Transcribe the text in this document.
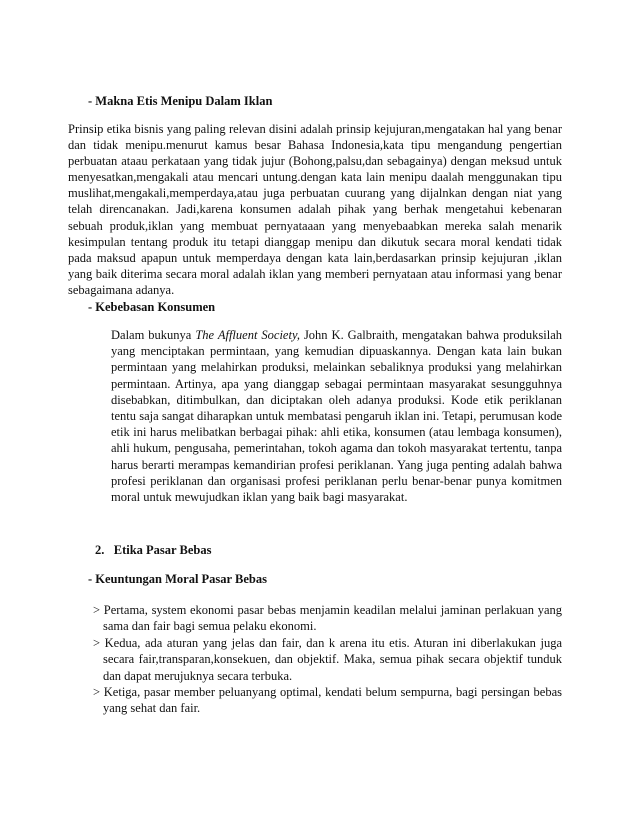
- Makna Etis Menipu Dalam Iklan
Prinsip etika bisnis yang paling relevan disini adalah prinsip kejujuran,mengatakan hal yang benar dan tidak menipu.menurut kamus besar Bahasa Indonesia,kata tipu mengandung pengertian perbuatan ataau perkataan yang tidak jujur (Bohong,palsu,dan sebagainya) dengan meksud untuk menyesatkan,mengakali atau mencari untung.dengan kata lain menipu daalah menggunakan tipu muslihat,mengakali,memperdaya,atau juga perbuatan cuurang yang dijalnkan dengan niat yang telah direncanakan. Jadi,karena konsumen adalah pihak yang berhak mengetahui kebenaran sebuah produk,iklan yang membuat pernyataaan yang menyebaabkan mereka salah menarik kesimpulan tentang produk itu tetapi dianggap menipu dan dikutuk secara moral kendati tidak pada maksud apapun untuk memperdaya dengan kata lain,berdasarkan prinsip kejujuran ,iklan yang baik diterima secara moral adalah iklan yang memberi pernyataan atau informasi yang benar sebagaimana adanya.
- Kebebasan Konsumen
Dalam bukunya The Affluent Society, John K. Galbraith, mengatakan bahwa produksilah yang menciptakan permintaan, yang kemudian dipuaskannya. Dengan kata lain bukan permintaan yang melahirkan produksi, melainkan sebaliknya produksi yang melahirkan permintaan. Artinya, apa yang dianggap sebagai permintaan masyarakat sesungguhnya disebabkan, ditimbulkan, dan diciptakan oleh adanya produksi. Kode etik periklanan tentu saja sangat diharapkan untuk membatasi pengaruh iklan ini. Tetapi, perumusan kode etik ini harus melibatkan berbagai pihak: ahli etika, konsumen (atau lembaga konsumen), ahli hukum, pengusaha, pemerintahan, tokoh agama dan tokoh masyarakat tertentu, tanpa harus berarti merampas kemandirian profesi periklanan. Yang juga penting adalah bahwa profesi periklanan dan organisasi profesi periklanan perlu benar-benar punya komitmen moral untuk mewujudkan iklan yang baik bagi masyarakat.
2.   Etika Pasar Bebas
- Keuntungan Moral Pasar Bebas

> Pertama, system ekonomi pasar bebas menjamin keadilan melalui jaminan perlakuan yang sama dan fair bagi semua pelaku ekonomi.

> Kedua, ada aturan yang jelas dan fair, dan k arena itu etis. Aturan ini diberlakukan juga secara fair,transparan,konsekuen, dan objektif. Maka, semua pihak secara objektif tunduk dan dapat merujuknya secara terbuka.

> Ketiga, pasar member peluanyang optimal, kendati belum sempurna, bagi persingan bebas yang sehat dan fair.
